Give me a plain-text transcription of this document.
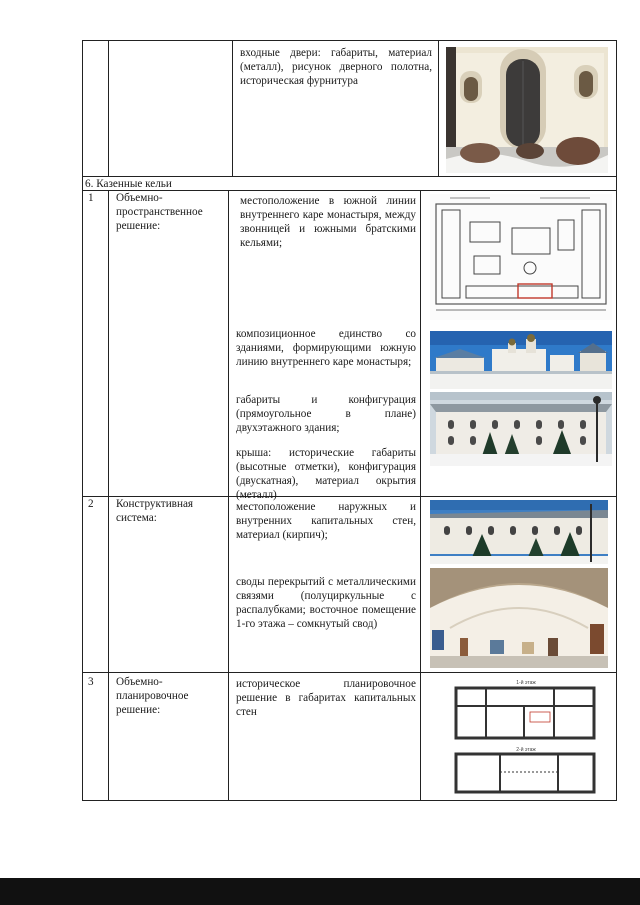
входные двери: габариты, материал (металл), рисунок дверного полотна, историческая фурнитура
6. Казенные кельи
1 Объемно-пространственное решение:
местоположение в южной линии внутреннего каре монастыря, между звонницей и южными братскими кельями;
композиционное единство со зданиями, формирующими южную линию внутреннего каре монастыря;
габариты и конфигурация (прямоугольное в плане) двухэтажного здания;
крыша: исторические габариты (высотные отметки), конфигурация (двускатная), материал окрытия (металл)
2 Конструктивная система:
местоположение наружных и внутренних капитальных стен, материал (кирпич);
своды перекрытий с металлическими связями (полуциркульные с распалубками; восточное помещение 1-го этажа – сомкнутый свод)
3 Объемно-планировочное решение:
историческое планировочное решение в габаритах капитальных стен
1-й этаж
2-й этаж
